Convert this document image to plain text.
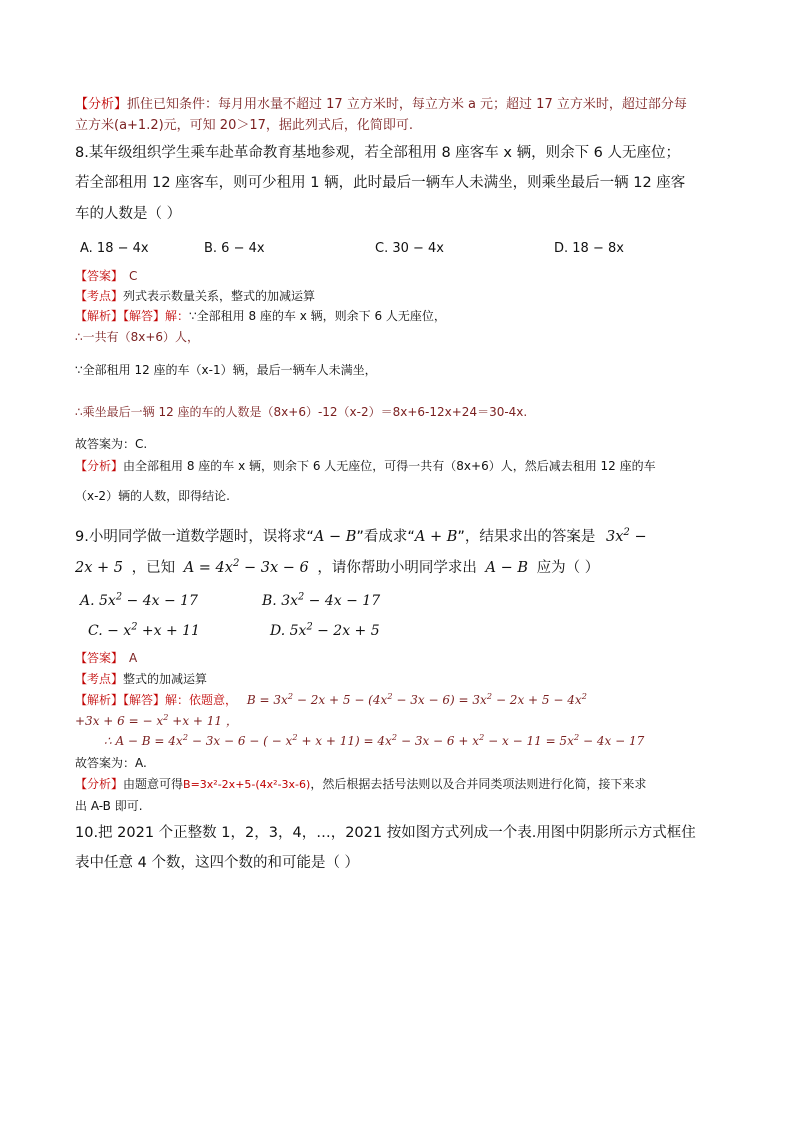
【分析】抓住已知条件：每月用水量不超过 17 立方米时，每立方米 a 元；超过 17 立方米时，超过部分每
立方米(a+1.2)元，可知 20＞17，据此列式后，化简即可.
8.某年级组织学生乘车赴革命教育基地参观，若全部租用 8 座客车 x 辆，则余下 6 人无座位；
若全部租用 12 座客车，则可少租用 1 辆，此时最后一辆车人未满坐，则乘坐最后一辆 12 座客
车的人数是（ ）
A. 18 − 4x	B. 6 − 4x	C. 30 − 4x	D. 18 − 8x
【答案】 C
【考点】列式表示数量关系，整式的加减运算
【解析】【解答】解：∵全部租用 8 座的车 x 辆，则余下 6 人无座位，
∴一共有（8x+6）人，
∵全部租用 12 座的车（x-1）辆，最后一辆车人未满坐，
∴乘坐最后一辆 12 座的车的人数是（8x+6）-12（x-2）＝8x+6-12x+24＝30-4x.
故答案为：C.
【分析】由全部租用 8 座的车 x 辆，则余下 6 人无座位，可得一共有（8x+6）人，然后减去租用 12 座的车
（x-2）辆的人数，即得结论.
9.小明同学做一道数学题时，误将求“A − B”看成求“A + B”，结果求出的答案是 $3x^2$ −
2x + 5 ，已知 $A = 4x^2 - 3x - 6$ ，请你帮助小明同学求出 A − B 应为（ ）
A. $5x^2 - 4x - 17$	B. $3x^2 - 4x - 17$
C. − $x^2 +x + 11$	D. $5x^2 - 2x + 5$
【答案】 A
【考点】整式的加减运算
【解析】【解答】解：依题意， $B = 3x^2 - 2x + 5 - (4x^2 - 3x - 6) = 3x^2 - 2x + 5 - 4x^2$
+3x + 6 = − $x^2 +x + 11$ ，
∴ $A - B = 4x^2 - 3x - 6$ − ( − $x^2 + x + 11) = 4x^2 - 3x - 6 + x^2 - x - 11 = 5x^2 - 4x - 17$
故答案为：A.
【分析】由题意可得B=3x²-2x+5-(4x²-3x-6)，然后根据去括号法则以及合并同类项法则进行化简，接下来求
出 A-B 即可.
10.把 2021 个正整数 1，2，3，4，…，2021 按如图方式列成一个表.用图中阴影所示方式框住
表中任意 4 个数，这四个数的和可能是（ ）
